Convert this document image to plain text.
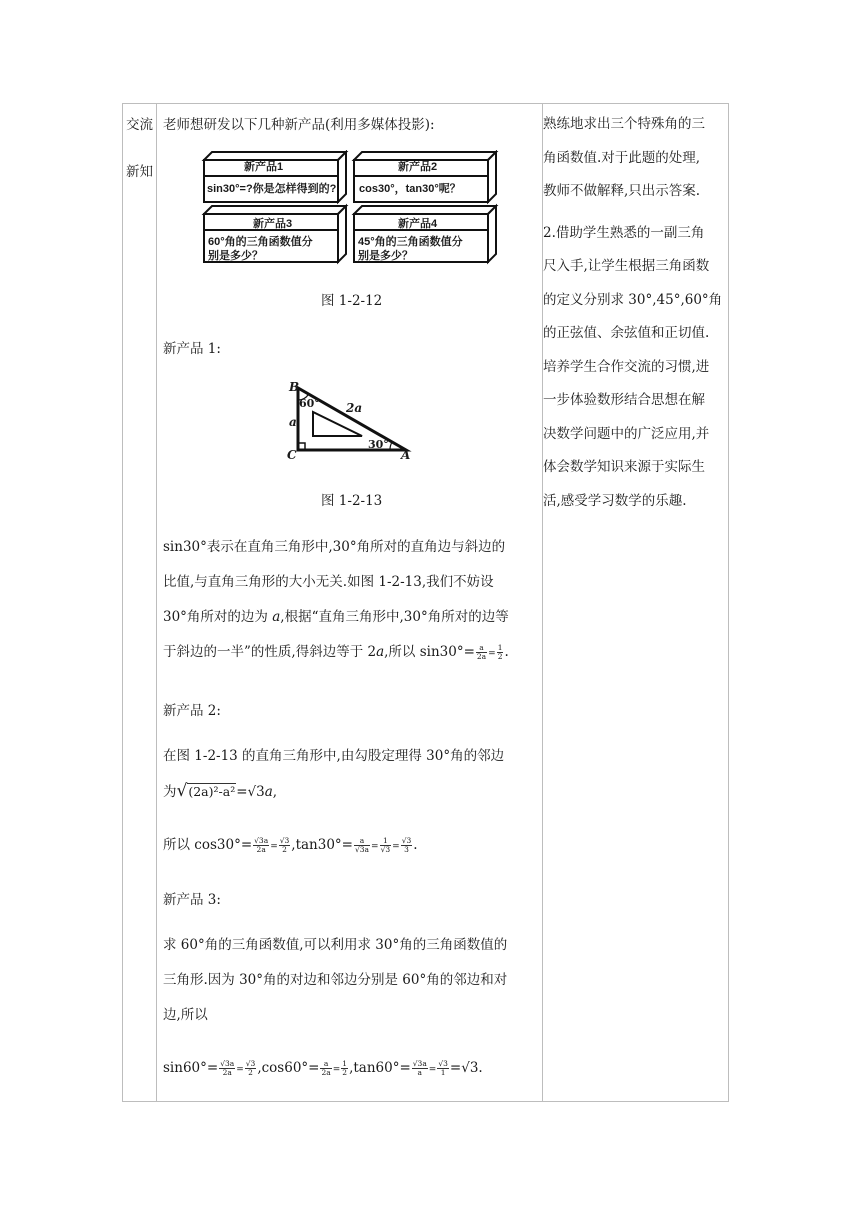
交流
新知
老师想研发以下几种新产品(利用多媒体投影):
新产品1
sin30°=?你是怎样得到的?
新产品2
cos30°，tan30°呢？
新产品3
60°角的三角函数值分
别是多少？
新产品4
45°角的三角函数值分
别是多少？
图 1-2-12
新产品 1:
B
60° 2a
a
30°
C	A
图 1-2-13

sin30°表示在直角三角形中,30°角所对的直角边与斜边的

比值,与直角三角形的大小无关.如图 1-2-13,我们不妨设

30°角所对的边为 a,根据“直角三角形中,30°角所对的边等

于斜边的一半”的性质,得斜边等于 2a,所以 $\sin 30^\circ= \frac{a}{2a} = \frac{1}{2}$ .

新产品 2:

在图 1-2-13 的直角三角形中,由勾股定理得 30°角的邻边

为√(2a)²-a²=√3a,

所以 $\cos 30^\circ= \frac{√3a}{2a} = \frac{√3}{2} ,\tan 30^\circ= \frac{a}{√3a} = \frac{1}{√3} = \frac{√3}{3}$ .

新产品 3:

求 60°角的三角函数值,可以利用求 30°角的三角函数值的

三角形.因为 30°角的对边和邻边分别是 60°角的邻边和对

边,所以

$\sin 60^\circ= \frac{√3a}{2a} = \frac{√3}{2} ,\cos 60^\circ= \frac{a}{2a} = \frac{1}{2} ,\tan 60^\circ= \frac{√3a}{a} = \frac{√3}{1} =√3$.

熟练地求出三个特殊角的三
角函数值.对于此题的处理,
教师不做解释,只出示答案.
2.借助学生熟悉的一副三角
尺入手,让学生根据三角函数
的定义分别求 30°,45°,60°角
的正弦值、余弦值和正切值.
培养学生合作交流的习惯,进
一步体验数形结合思想在解
决数学问题中的广泛应用,并
体会数学知识来源于实际生
活,感受学习数学的乐趣.
